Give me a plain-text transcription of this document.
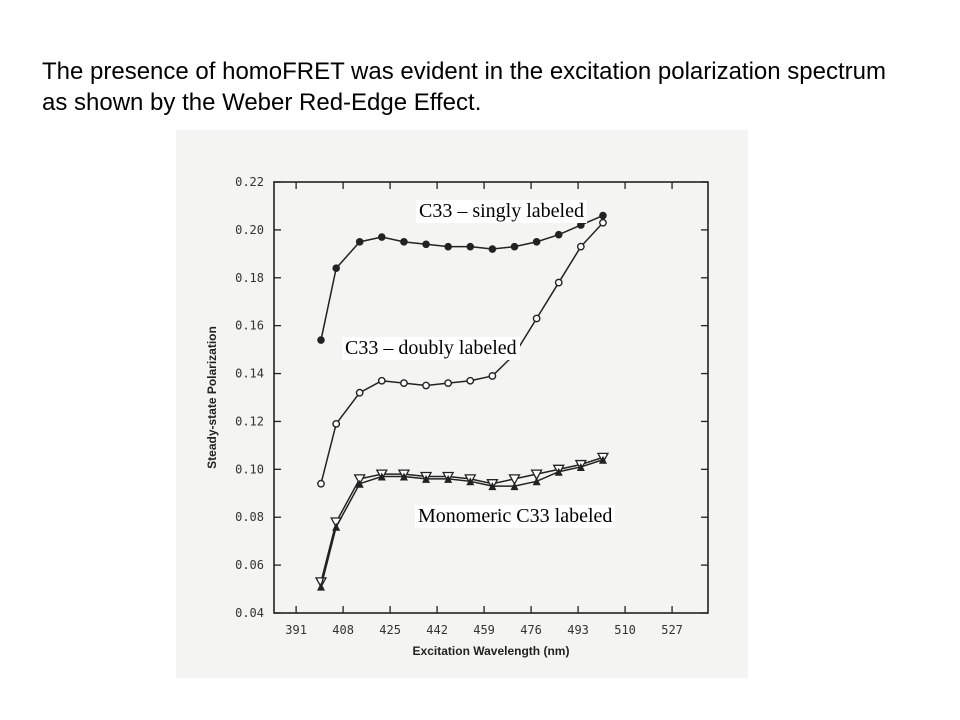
The presence of homoFRET was evident in the excitation polarization spectrum as shown by the Weber Red-Edge Effect.
0.04
0.06
0.08
0.10
0.12
0.14
0.16
0.18
0.20
0.22
391 408 425 442 459 476 493 510 527
Steady-state Polarization
Excitation Wavelength (nm)
C33 – singly labeled
C33 – doubly labeled
Monomeric C33 labeled
